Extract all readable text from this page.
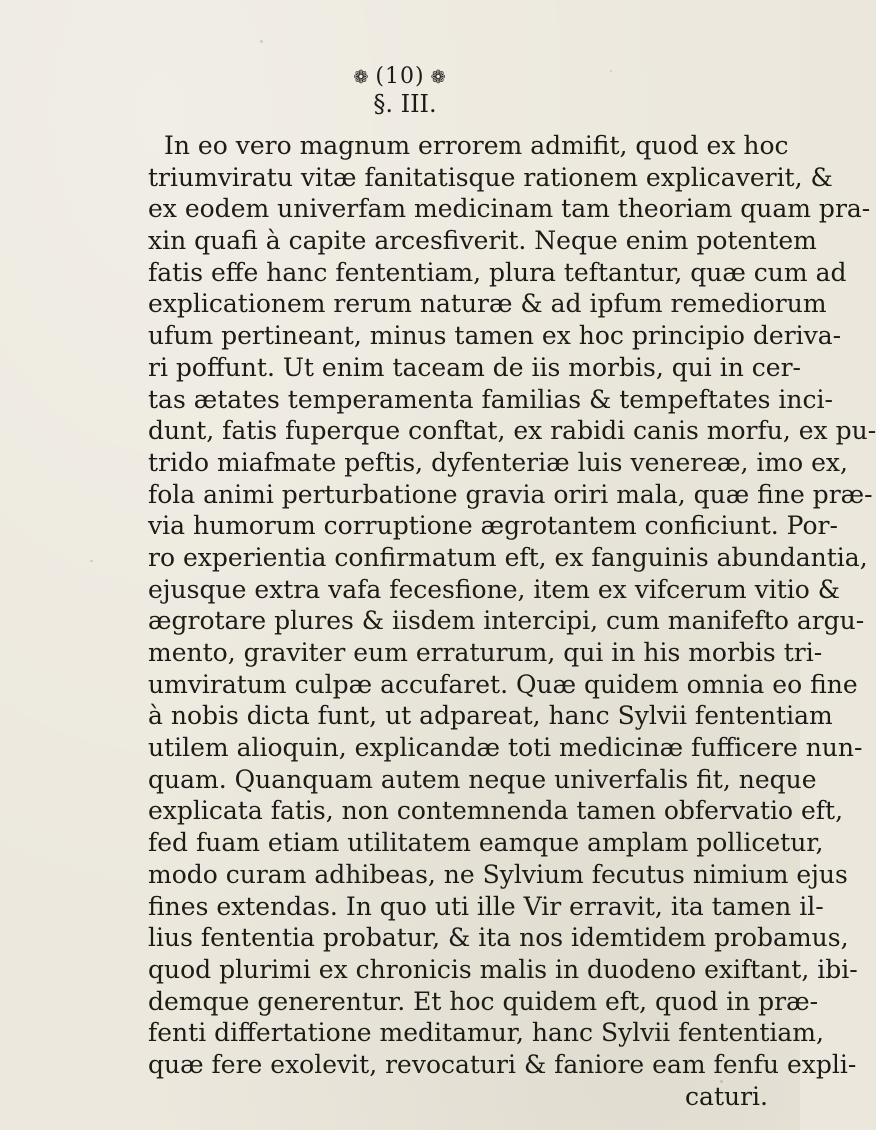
❁ (10) ❁
§. III.
In eo vero magnum errorem admifit, quod ex hoc
triumviratu vitæ fanitatisque rationem explicaverit, &
ex eodem univerfam medicinam tam theoriam quam pra-
xin quafi à capite arcesfiverit. Neque enim potentem
fatis effe hanc fententiam, plura teftantur, quæ cum ad
explicationem rerum naturæ & ad ipfum remediorum
ufum pertineant, minus tamen ex hoc principio deriva-
ri poffunt. Ut enim taceam de iis morbis, qui in cer-
tas ætates temperamenta familias & tempeftates inci-
dunt, fatis fuperque conftat, ex rabidi canis morfu, ex pu-
trido miafmate peftis, dyfenteriæ luis venereæ, imo ex,
fola animi perturbatione gravia oriri mala, quæ fine præ-
via humorum corruptione ægrotantem conficiunt. Por-
ro experientia confirmatum eft, ex fanguinis abundantia,
ejusque extra vafa fecesfione, item ex vifcerum vitio &
ægrotare plures & iisdem intercipi, cum manifefto argu-
mento, graviter eum erraturum, qui in his morbis tri-
umviratum culpæ accufaret. Quæ quidem omnia eo fine
à nobis dicta funt, ut adpareat, hanc Sylvii fententiam
utilem alioquin, explicandæ toti medicinæ fufficere nun-
quam. Quanquam autem neque univerfalis fit, neque
explicata fatis, non contemnenda tamen obfervatio eft,
fed fuam etiam utilitatem eamque amplam pollicetur,
modo curam adhibeas, ne Sylvium fecutus nimium ejus
fines extendas. In quo uti ille Vir erravit, ita tamen il-
lius fententia probatur, & ita nos idemtidem probamus,
quod plurimi ex chronicis malis in duodeno exiftant, ibi-
demque generentur. Et hoc quidem eft, quod in præ-
fenti differtatione meditamur, hanc Sylvii fententiam,
quæ fere exolevit, revocaturi & faniore eam fenfu expli-
caturi.
